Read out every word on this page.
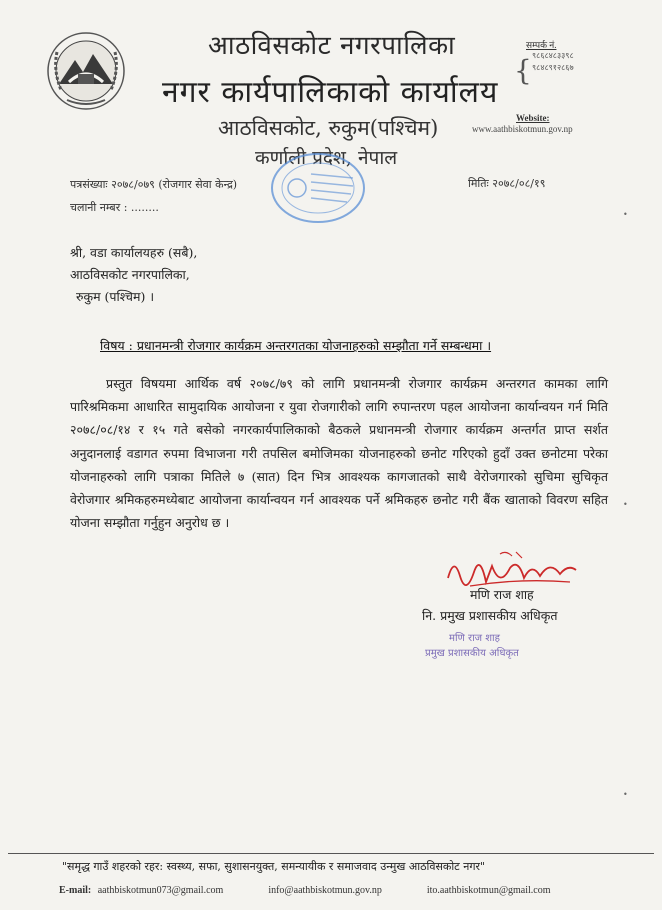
आठविसकोट नगरपालिका
नगर कार्यपालिकाको कार्यालय
आठविसकोट, रुकुम(पश्चिम)
कर्णाली प्रदेश, नेपाल
सम्पर्क नं.
{ ९८६८४८३३९८
९८४८९१२८६७
Website:
www.aathbiskotmun.gov.np
पत्रसंख्याः २०७८/०७९ (रोजगार सेवा केन्द्र)
चलानी नम्बर : ........
मितिः २०७८/०८/१९
श्री, वडा कार्यालयहरु (सबै),
आठविसकोट नगरपालिका,
रुकुम (पश्चिम) ।
विषय : प्रधानमन्त्री रोजगार कार्यक्रम अन्तरगतका योजनाहरुको सम्झौता गर्ने सम्बन्धमा ।
प्रस्तुत विषयमा आर्थिक वर्ष २०७८/७९ को लागि प्रधानमन्त्री रोजगार कार्यक्रम अन्तरगत कामका लागि पारिश्रमिकमा आधारित सामुदायिक आयोजना र युवा रोजगारीको लागि रुपान्तरण पहल आयोजना कार्यान्वयन गर्न मिति २०७८/०८/१४ र १५ गते बसेको नगरकार्यपालिकाको बैठकले प्रधानमन्त्री रोजगार कार्यक्रम अन्तर्गत प्राप्त सर्शत अनुदानलाई वडागत रुपमा विभाजना गरी तपसिल बमोजिमका योजनाहरुको छनोट गरिएको हुदाँ उक्त छनोटमा परेका योजनाहरुको लागि पत्राका मितिले ७ (सात) दिन भित्र आवश्यक कागजातको साथै वेरोजगारको सुचिमा सुचिकृत वेरोजगार श्रमिकहरुमध्येबाट आयोजना कार्यान्वयन गर्न आवश्यक पर्ने श्रमिकहरु छनोट गरी बैंक खाताको विवरण सहित योजना सम्झौता गर्नुहुन अनुरोध छ ।
मणि राज शाह
नि. प्रमुख प्रशासकीय अधिकृत
मणि राज शाह
प्रमुख प्रशासकीय अधिकृत
•
•
•
"समृद्ध गाउँ शहरको रहर: स्वस्थ्य, सफा, सुशासनयुक्त, समन्यायीक र समाजवाद उन्मुख आठविसकोट नगर"
E-mail: aathbiskotmun073@gmail.com	info@aathbiskotmun.gov.np	ito.aathbiskotmun@gmail.com
